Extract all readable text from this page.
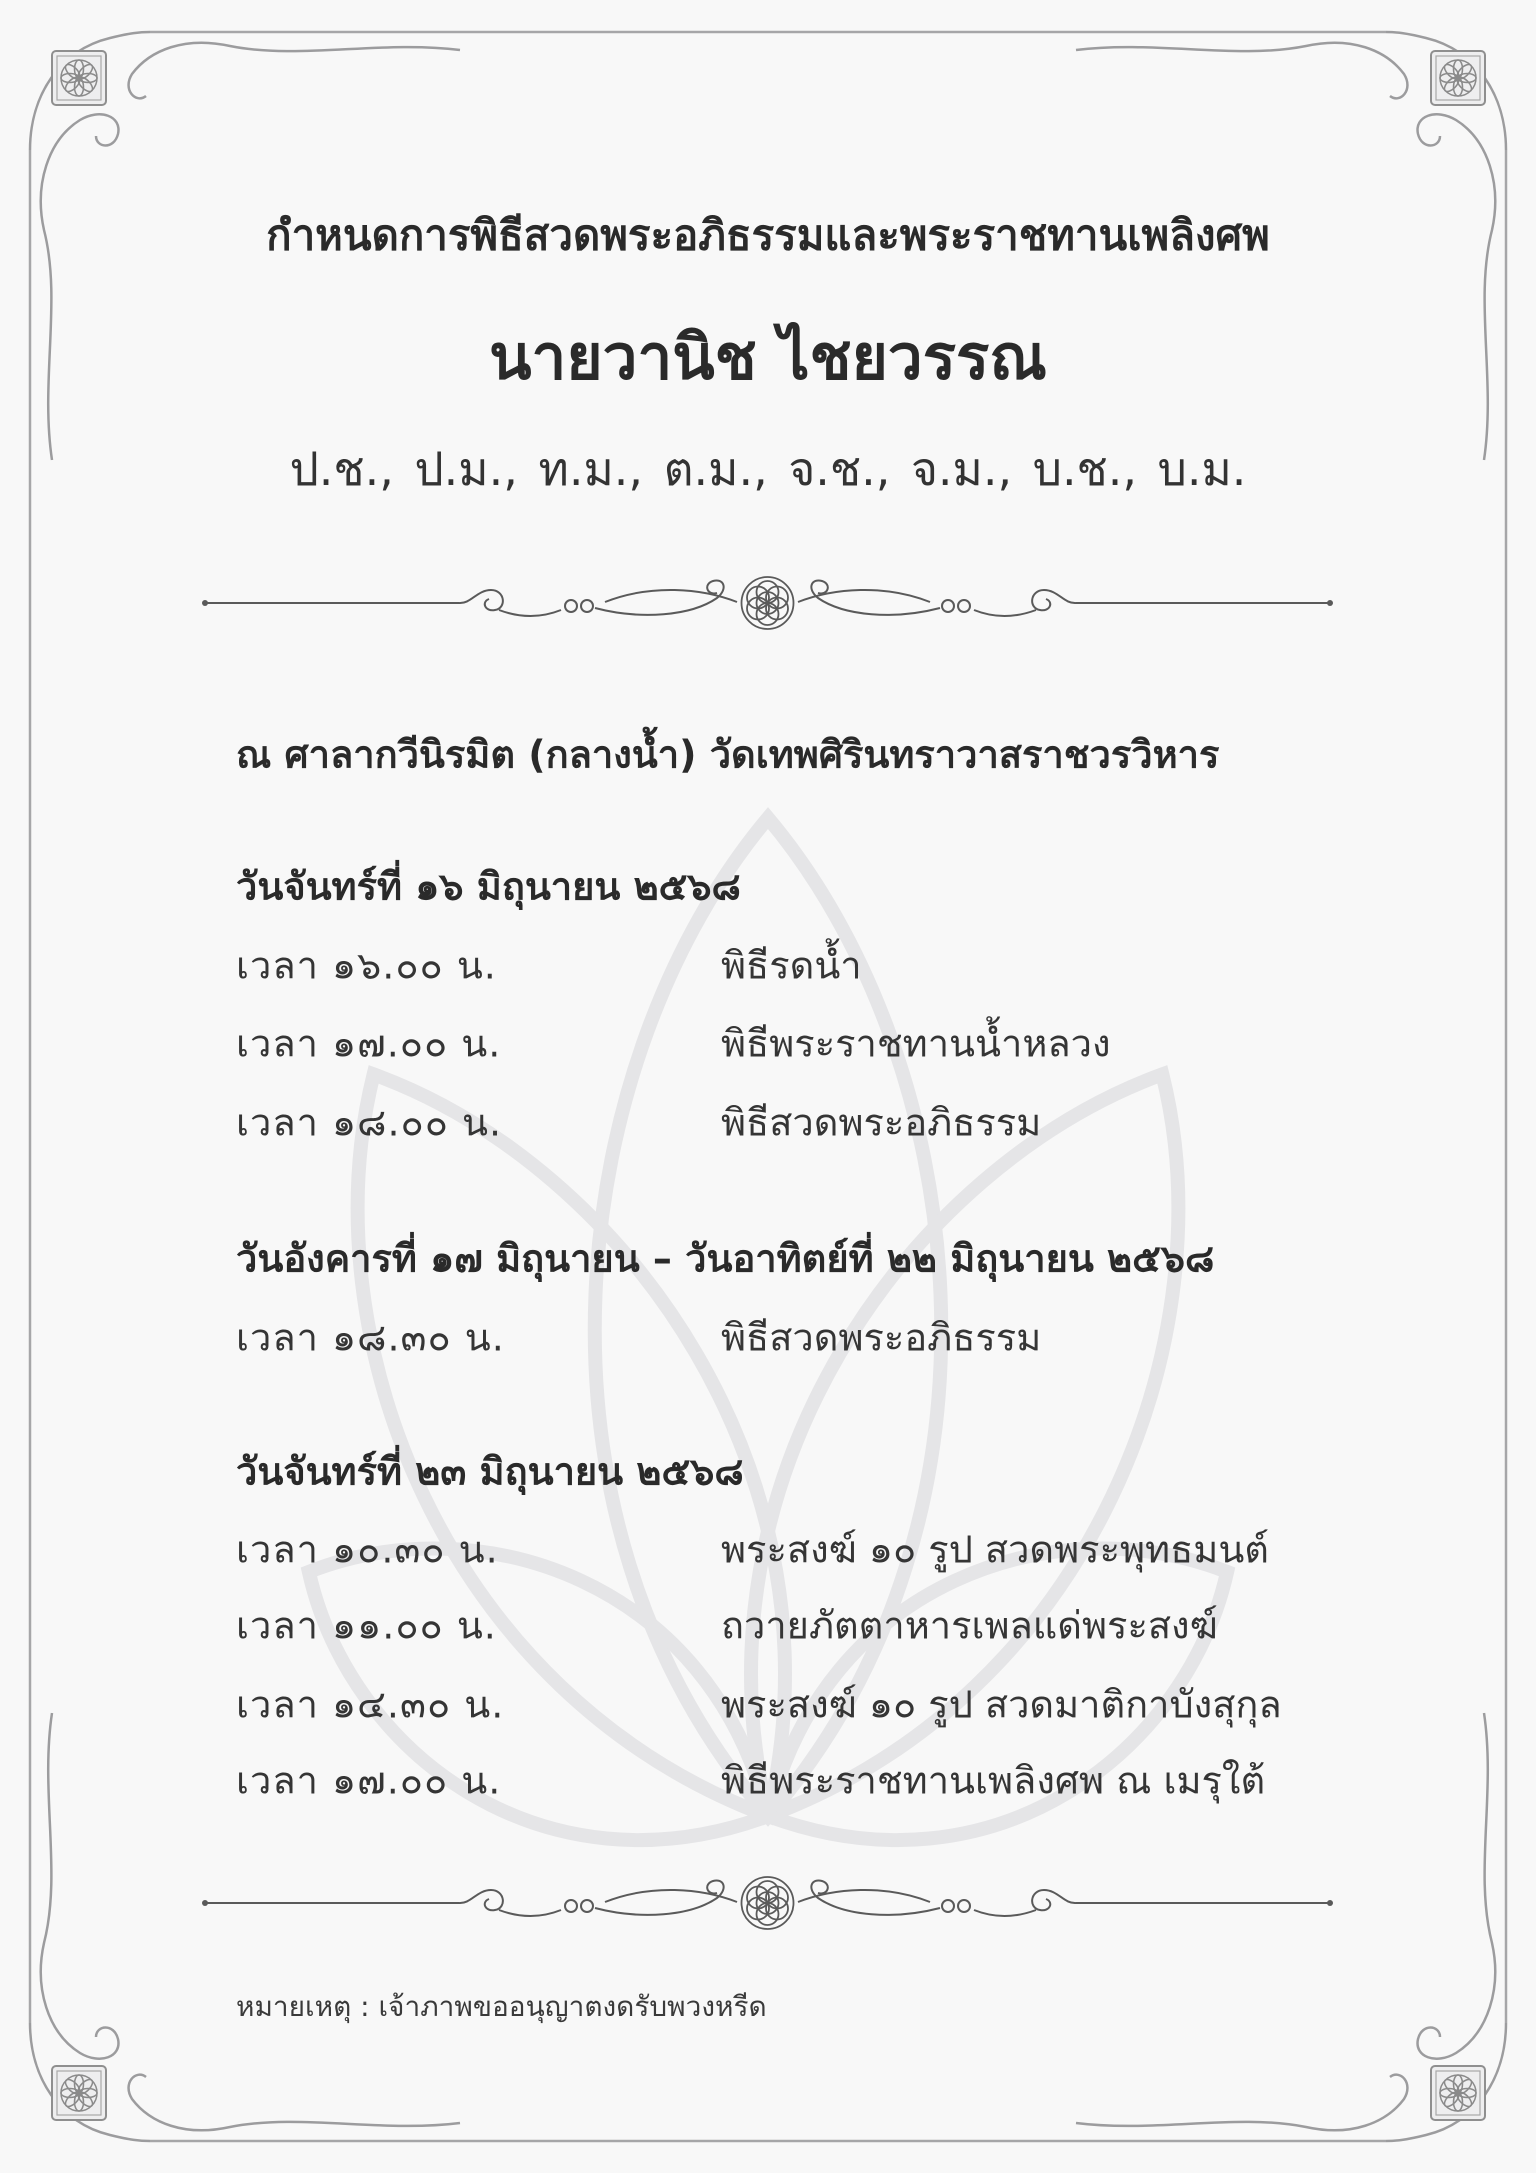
กำหนดการพิธีสวดพระอภิธรรมและพระราชทานเพลิงศพ
นายวานิช ไชยวรรณ
ป.ช., ป.ม., ท.ม., ต.ม., จ.ช., จ.ม., บ.ช., บ.ม.
ณ ศาลากวีนิรมิต (กลางน้ำ) วัดเทพศิรินทราวาสราชวรวิหาร
วันจันทร์ที่ ๑๖ มิถุนายน ๒๕๖๘
เวลา ๑๖.๐๐ น.	พิธีรดน้ำ
เวลา ๑๗.๐๐ น.	พิธีพระราชทานน้ำหลวง
เวลา ๑๘.๐๐ น.	พิธีสวดพระอภิธรรม
วันอังคารที่ ๑๗ มิถุนายน – วันอาทิตย์ที่ ๒๒ มิถุนายน ๒๕๖๘
เวลา ๑๘.๓๐ น.	พิธีสวดพระอภิธรรม
วันจันทร์ที่ ๒๓ มิถุนายน ๒๕๖๘
เวลา ๑๐.๓๐ น.	พระสงฆ์ ๑๐ รูป สวดพระพุทธมนต์
เวลา ๑๑.๐๐ น.	ถวายภัตตาหารเพลแด่พระสงฆ์
เวลา ๑๔.๓๐ น.	พระสงฆ์ ๑๐ รูป สวดมาติกาบังสุกุล
เวลา ๑๗.๐๐ น.	พิธีพระราชทานเพลิงศพ ณ เมรุใต้
หมายเหตุ : เจ้าภาพขออนุญาตงดรับพวงหรีด
